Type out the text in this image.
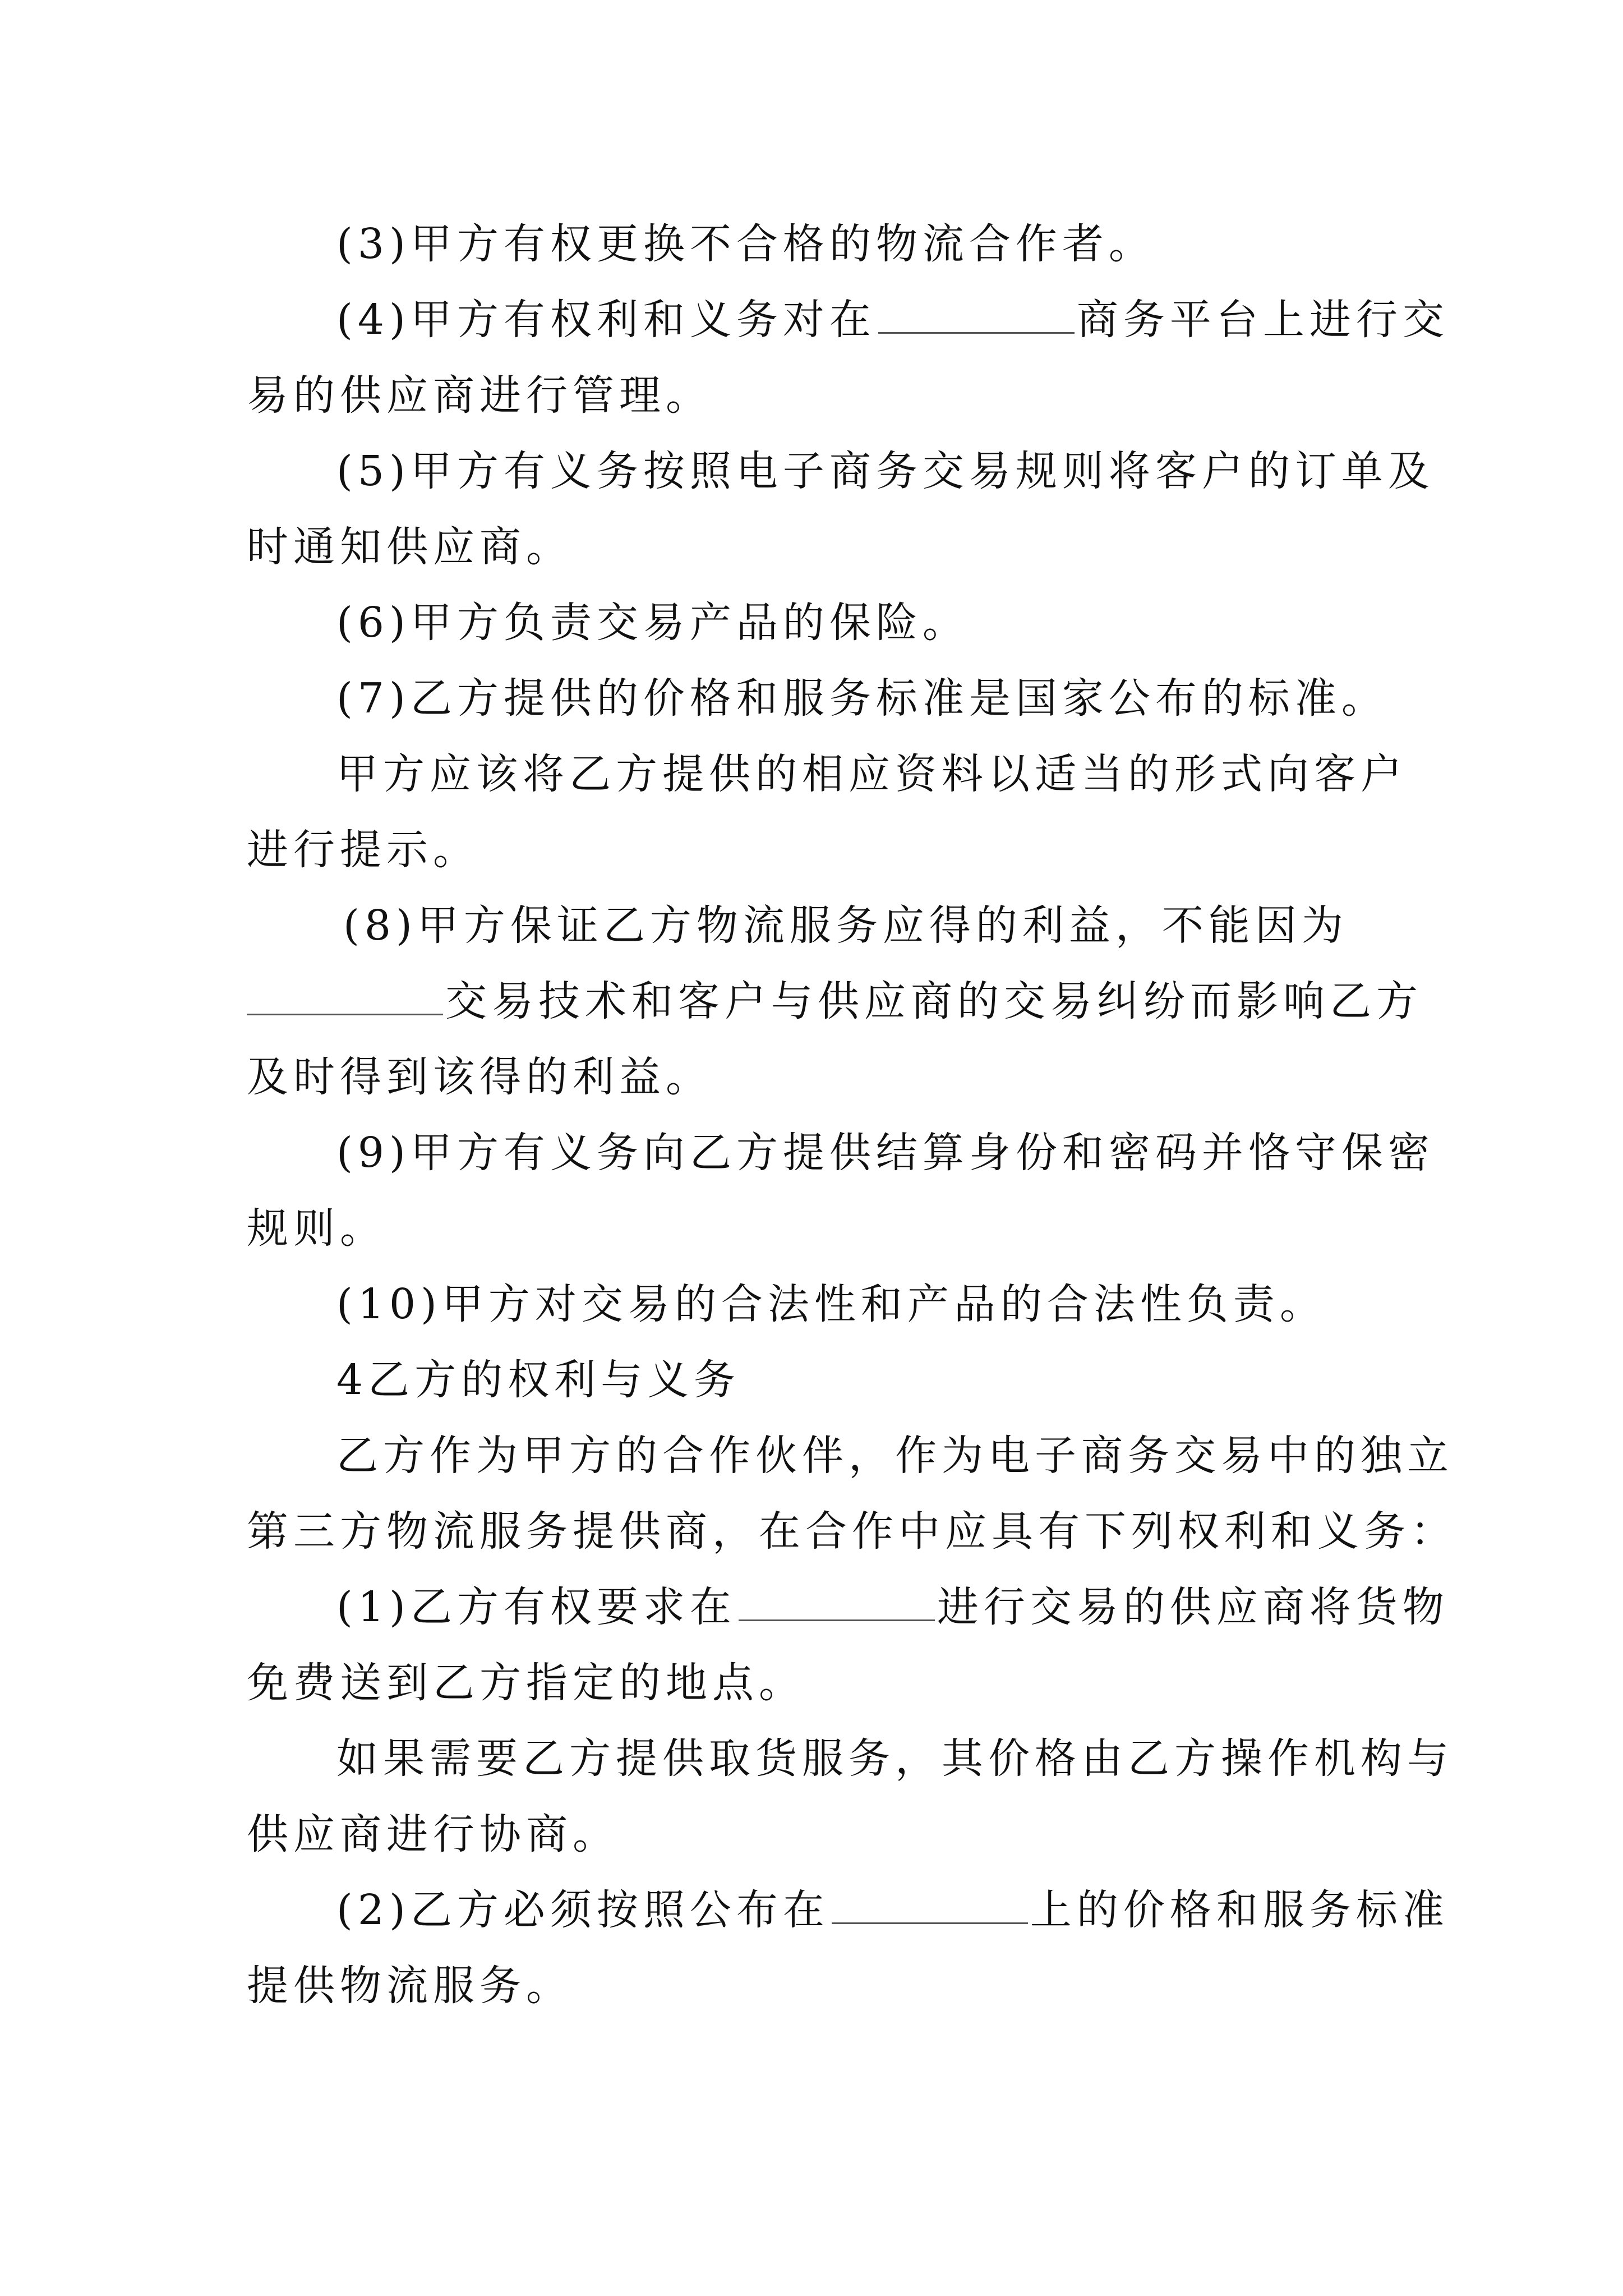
(3)甲方有权更换不合格的物流合作者。
(4)甲方有权利和义务对在	商务平台上进行交
易的供应商进行管理。
(5)甲方有义务按照电子商务交易规则将客户的订单及
时通知供应商。
(6)甲方负责交易产品的保险。
(7)乙方提供的价格和服务标准是国家公布的标准。
甲方应该将乙方提供的相应资料以适当的形式向客户
进行提示。
(8)甲方保证乙方物流服务应得的利益，不能因为
交易技术和客户与供应商的交易纠纷而影响乙方
及时得到该得的利益。
(9)甲方有义务向乙方提供结算身份和密码并恪守保密
规则。
(10)甲方对交易的合法性和产品的合法性负责。
4乙方的权利与义务
乙方作为甲方的合作伙伴，作为电子商务交易中的独立
第三方物流服务提供商，在合作中应具有下列权利和义务：
(1)乙方有权要求在	进行交易的供应商将货物
免费送到乙方指定的地点。
如果需要乙方提供取货服务，其价格由乙方操作机构与
供应商进行协商。
(2)乙方必须按照公布在	上的价格和服务标准
提供物流服务。
